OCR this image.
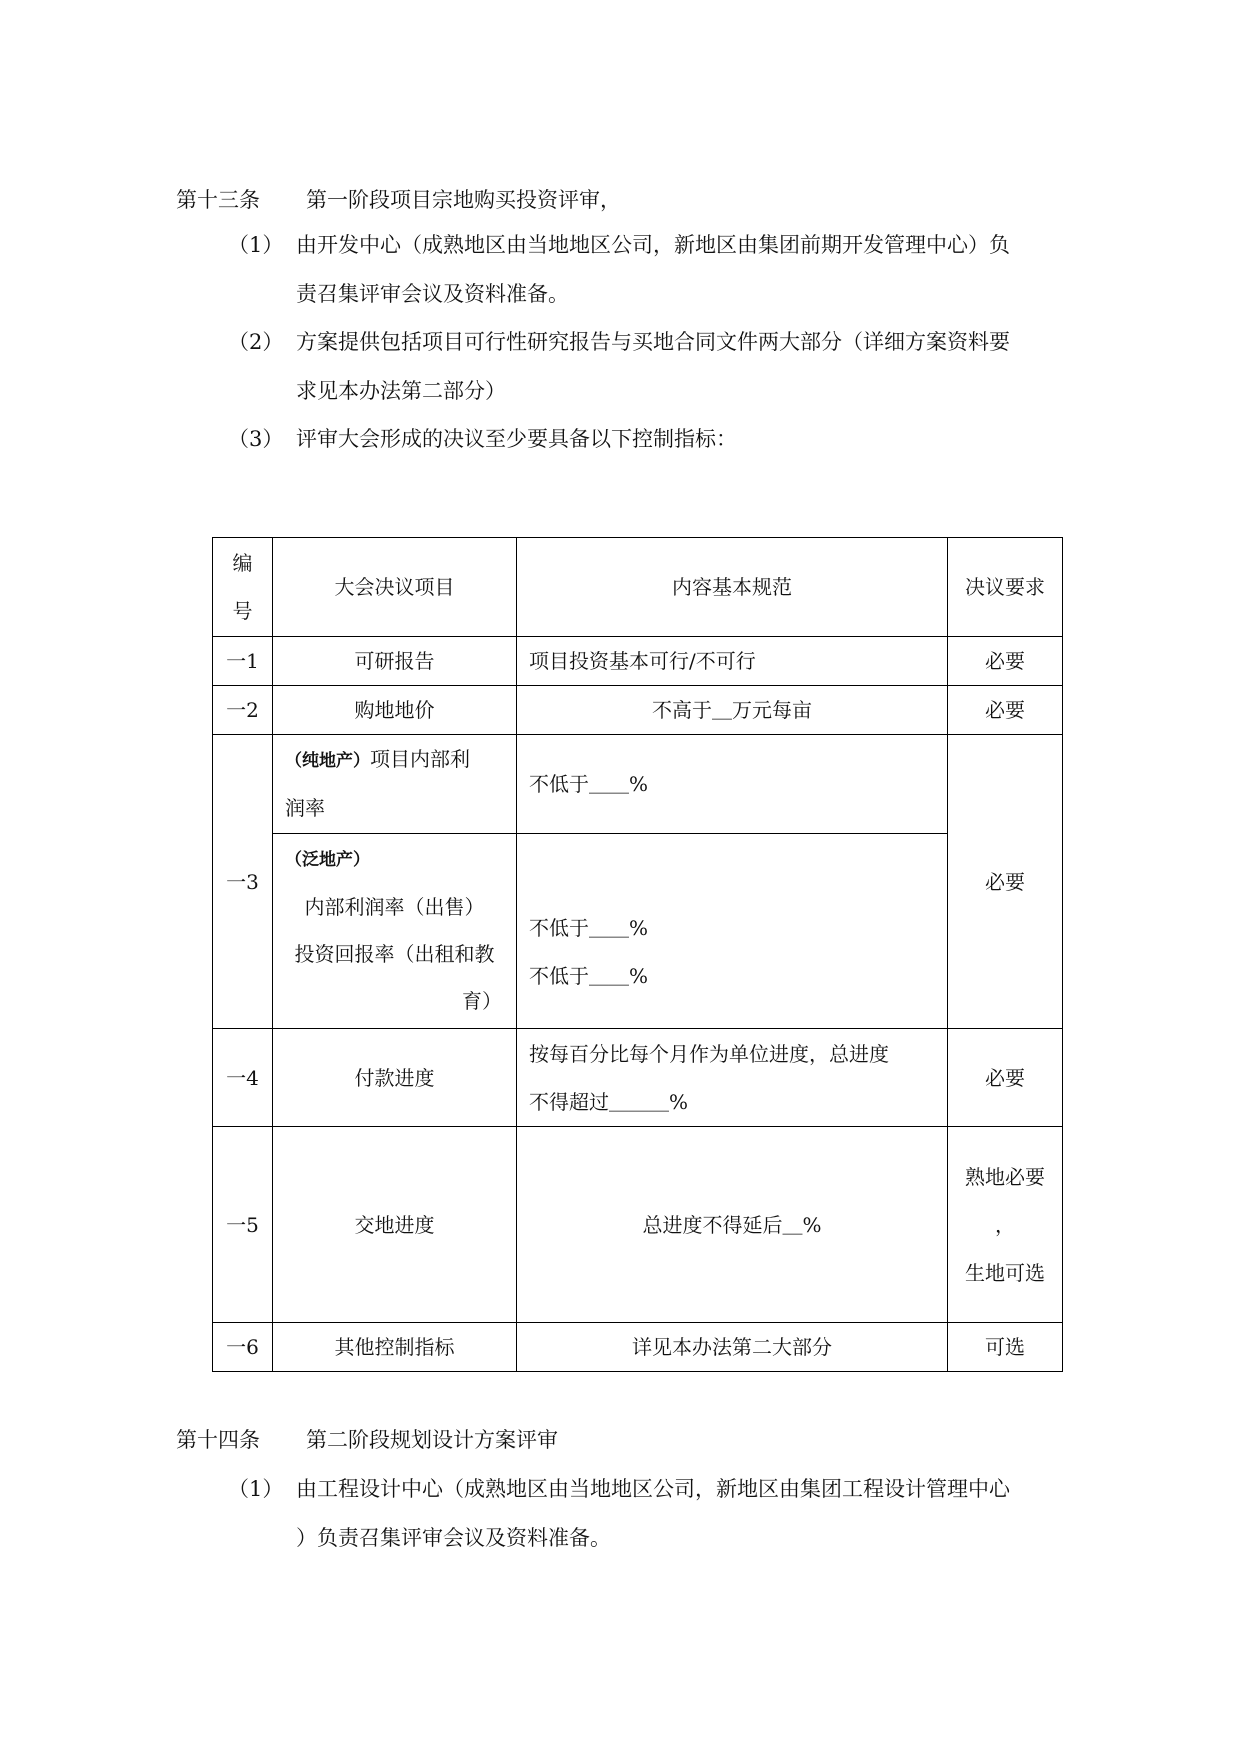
第十三条 第一阶段项目宗地购买投资评审，
（1） 由开发中心（成熟地区由当地地区公司，新地区由集团前期开发管理中心）负
责召集评审会议及资料准备。
（2） 方案提供包括项目可行性研究报告与买地合同文件两大部分（详细方案资料要
求见本办法第二部分）
（3） 评审大会形成的决议至少要具备以下控制指标：
编
号	大会决议项目	内容基本规范	决议要求
一1	可研报告	项目投资基本可行/不可行	必要
一2	购地地价	不高于＿万元每亩	必要
一3	（纯地产）项目内部利
润率	不低于＿＿%	必要

	（泛地产）
内部利润率（出售）
投资回报率（出租和教
育）	不低于＿＿%
不低于＿＿%	

一4	付款进度	按每百分比每个月作为单位进度，总进度
不得超过＿＿＿%	必要
一5	交地进度	总进度不得延后＿%	熟地必要
，
生地可选

一6	其他控制指标	详见本办法第二大部分	可选
第十四条 第二阶段规划设计方案评审
（1） 由工程设计中心（成熟地区由当地地区公司，新地区由集团工程设计管理中心
）负责召集评审会议及资料准备。
